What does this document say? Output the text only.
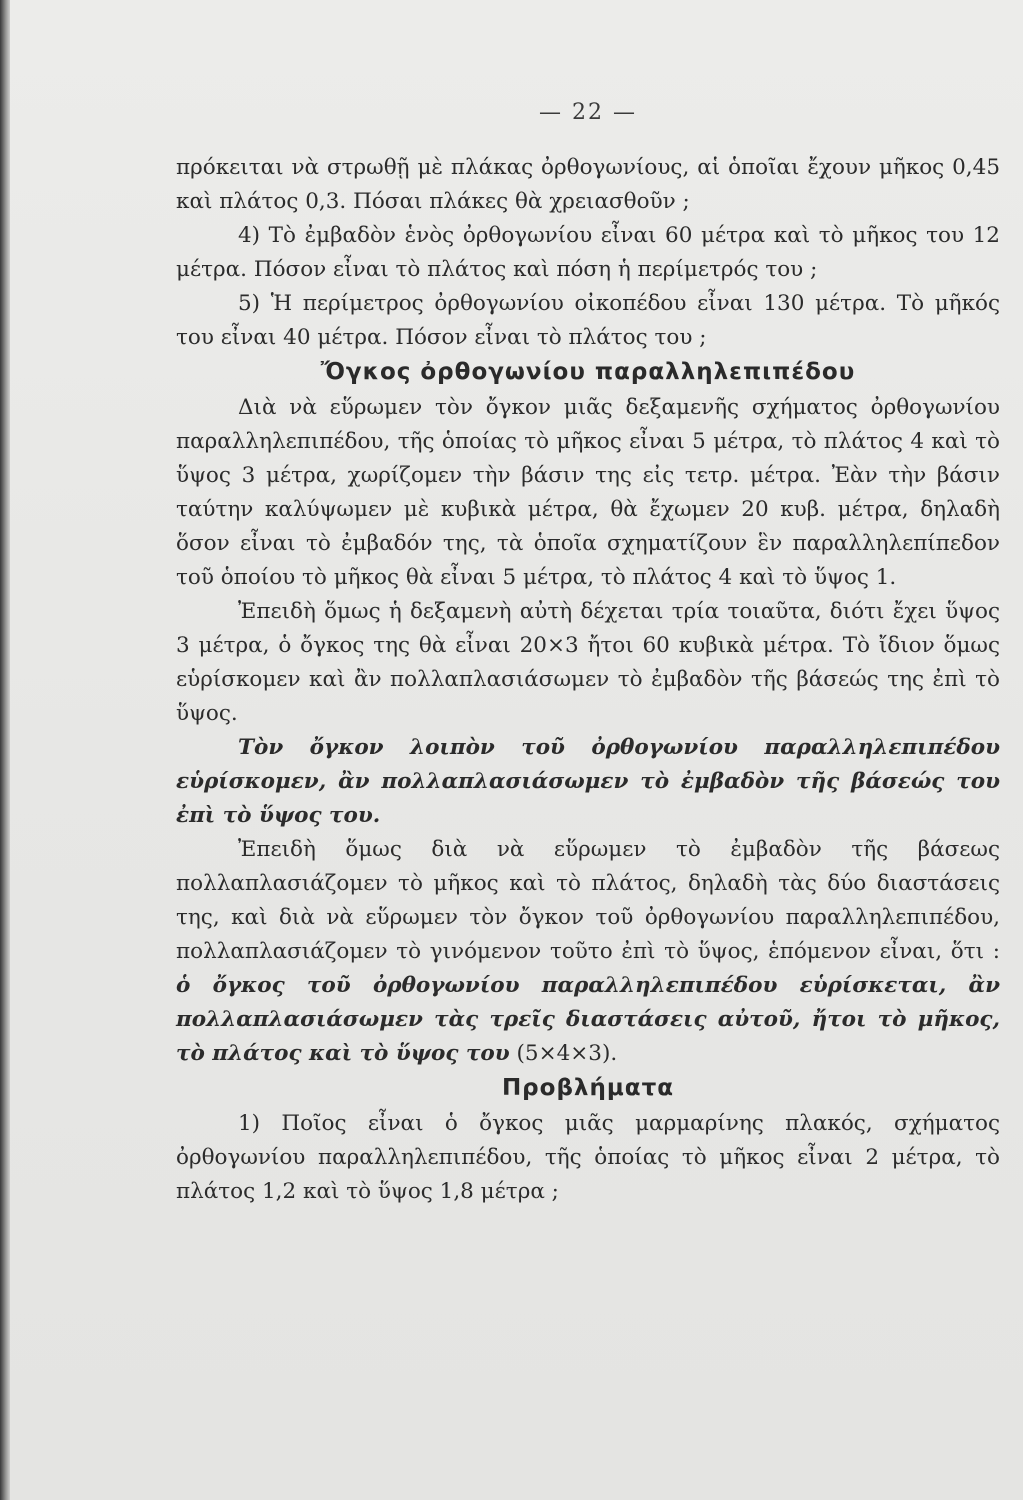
— 22 —

πρόκειται νὰ στρωθῇ μὲ πλάκας ὀρθογωνίους, αἱ ὁποῖαι ἔχουν μῆκος 0,45 καὶ πλάτος 0,3. Πόσαι πλάκες θὰ χρειασθοῦν ;

4) Τὸ ἐμβαδὸν ἑνὸς ὀρθογωνίου εἶναι 60 μέτρα καὶ τὸ μῆκος του 12 μέτρα. Πόσον εἶναι τὸ πλάτος καὶ πόση ἡ περίμετρός του ;

5) Ἡ περίμετρος ὀρθογωνίου οἰκοπέδου εἶναι 130 μέτρα. Τὸ μῆκός του εἶναι 40 μέτρα. Πόσον εἶναι τὸ πλάτος του ;

Ὄγκος ὀρθογωνίου παραλληλεπιπέδου

Διὰ νὰ εὕρωμεν τὸν ὄγκον μιᾶς δεξαμενῆς σχήματος ὀρθογωνίου παραλληλεπιπέδου, τῆς ὁποίας τὸ μῆκος εἶναι 5 μέτρα, τὸ πλάτος 4 καὶ τὸ ὕψος 3 μέτρα, χωρίζομεν τὴν βάσιν της εἰς τετρ. μέτρα. Ἐὰν τὴν βάσιν ταύτην καλύψωμεν μὲ κυβικὰ μέτρα, θὰ ἔχωμεν 20 κυβ. μέτρα, δηλαδὴ ὅσον εἶναι τὸ ἐμβαδόν της, τὰ ὁποῖα σχηματίζουν ἓν παραλληλεπίπεδον τοῦ ὁποίου τὸ μῆκος θὰ εἶναι 5 μέτρα, τὸ πλάτος 4 καὶ τὸ ὕψος 1.

Ἐπειδὴ ὅμως ἡ δεξαμενὴ αὐτὴ δέχεται τρία τοιαῦτα, διότι ἔχει ὕψος 3 μέτρα, ὁ ὄγκος της θὰ εἶναι 20×3 ἤτοι 60 κυβικὰ μέτρα. Τὸ ἴδιον ὅμως εὑρίσκομεν καὶ ἂν πολλαπλασιάσωμεν τὸ ἐμβαδὸν τῆς βάσεώς της ἐπὶ τὸ ὕψος.

Τὸν ὄγκον λοιπὸν τοῦ ὀρθογωνίου παραλληλεπιπέδου εὑρίσκομεν, ἂν πολλαπλασιάσωμεν τὸ ἐμβαδὸν τῆς βάσεώς του ἐπὶ τὸ ὕψος του.

Ἐπειδὴ ὅμως διὰ νὰ εὕρωμεν τὸ ἐμβαδὸν τῆς βάσεως πολλαπλασιάζομεν τὸ μῆκος καὶ τὸ πλάτος, δηλαδὴ τὰς δύο διαστάσεις της, καὶ διὰ νὰ εὕρωμεν τὸν ὄγκον τοῦ ὀρθογωνίου παραλληλεπιπέδου, πολλαπλασιάζομεν τὸ γινόμενον τοῦτο ἐπὶ τὸ ὕψος, ἑπόμενον εἶναι, ὅτι : ὁ ὄγκος τοῦ ὀρθογωνίου παραλληλεπιπέδου εὑρίσκεται, ἂν πολλαπλασιάσωμεν τὰς τρεῖς διαστάσεις αὐτοῦ, ἤτοι τὸ μῆκος, τὸ πλάτος καὶ τὸ ὕψος του (5×4×3).

Προβλήματα

1) Ποῖος εἶναι ὁ ὄγκος μιᾶς μαρμαρίνης πλακός, σχήματος ὀρθογωνίου παραλληλεπιπέδου, τῆς ὁποίας τὸ μῆκος εἶναι 2 μέτρα, τὸ πλάτος 1,2 καὶ τὸ ὕψος 1,8 μέτρα ;
